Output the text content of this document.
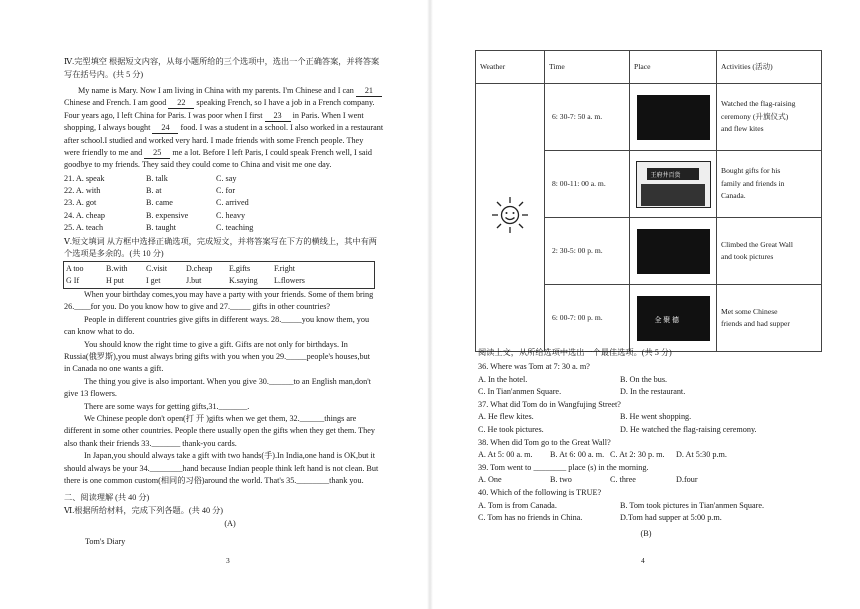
Ⅳ.完型填空 根据短文内容，从每小题所给的三个选项中，选出一个正确答案，并将答案
写在括号内。(共 5 分)
My name is Mary. Now I am living in China with my parents. I'm Chinese and I can 21
Chinese and French. I am good 22 speaking French, so I have a job in a French company.
Four years ago, I left China for Paris. I was poor when I first 23 in Paris. When I went
shopping, I always bought 24 food. I was a student in a school. I also worked in a restaurant
after school.I studied and worked very hard. I made friends with some French people. They
were friendly to me and 25 me a lot. Before I left Paris, I could speak French well, I said
goodbye to my friends. They said they could come to China and visit me one day.
21. A. speak	B. talk	C. say
22. A. with	B. at	C. for
23. A. got	B. came	C. arrived
24. A. cheap	B. expensive	C. heavy
25. A. teach	B. taught	C. teaching
Ⅴ.短文填词 从方框中选择正确选项，完成短文，并将答案写在下方的横线上，其中有两
个选项是多余的。(共 10 分)
A too	B.with C.visit D.cheap E.gifts	F.right
G If	H put	I get	J.but	K.saying L.flowers
When your birthday comes,you may have a party with your friends. Some of them bring
26.____for you. Do you know how to give and 27._____ gifts in other countries?
People in different countries give gifts in different ways. 28._____you know them, you
can know what to do.
You should know the right time to give a gift. Gifts are not only for birthdays. In
Russia(俄罗斯),you must always bring gifts with you when you 29._____people's houses,but
in Canada no one wants a gift.
The thing you give is also important. When you give 30.______to an English man,don't
give 13 flowers.
There are some ways for getting gifts,31._______.
We Chinese people don't open(打 开 )gifts when we get them, 32.______things are
different in some other countries. People there usually open the gifts when they get them. They
also thank their friends 33._______ thank-you cards.
In Japan,you should always take a gift with two hands(手).In India,one hand is OK,but it
should always be your 34.________hand because Indian people think left hand is not clean. But
there is one common custom(相同的习俗)around the world. That's 35.________thank you.
二、阅读理解 (共 40 分)
Ⅵ.根据所给材料，完成下列各题。(共 40 分)
(A)
Tom's Diary
3
Weather	Time	Place	Activities (活动)
	6: 30-7: 50 a. m.		Watched the flag-raising
ceremony (升旗仪式)
and flew kites

	8: 00-11: 00 a. m.	王府井百货	Bought gifts for his
family and friends in
Canada.

	2: 30-5: 00 p. m.		Climbed the Great Wall
and took pictures

	6: 00-7: 00 p. m.	全 聚 德	Met some Chinese
friends and had supper
阅读上文，从所给选项中选出一个最佳选项。(共 5 分)
36. Where was Tom at 7: 30 a. m?
A. In the hotel.	B. On the bus.
C. In Tian'anmen Square.	D. In the restaurant.
37. What did Tom do in Wangfujing Street?
A. He flew kites.	B. He went shopping.
C. He took pictures.	D. He watched the flag-raising ceremony.
38. When did Tom go to the Great Wall?
A. At 5: 00 a. m. B. At 6: 00 a. m. C. At 2: 30 p. m. D. At 5:30 p.m.
39. Tom went to ________ place (s) in the morning.
A. One	B. two	C. three	D.four
40. Which of the following is TRUE?
A. Tom is from Canada.	B. Tom took pictures in Tian'anmen Square.
C. Tom has no friends in China.	D.Tom had supper at 5:00 p.m.
(B)
4
